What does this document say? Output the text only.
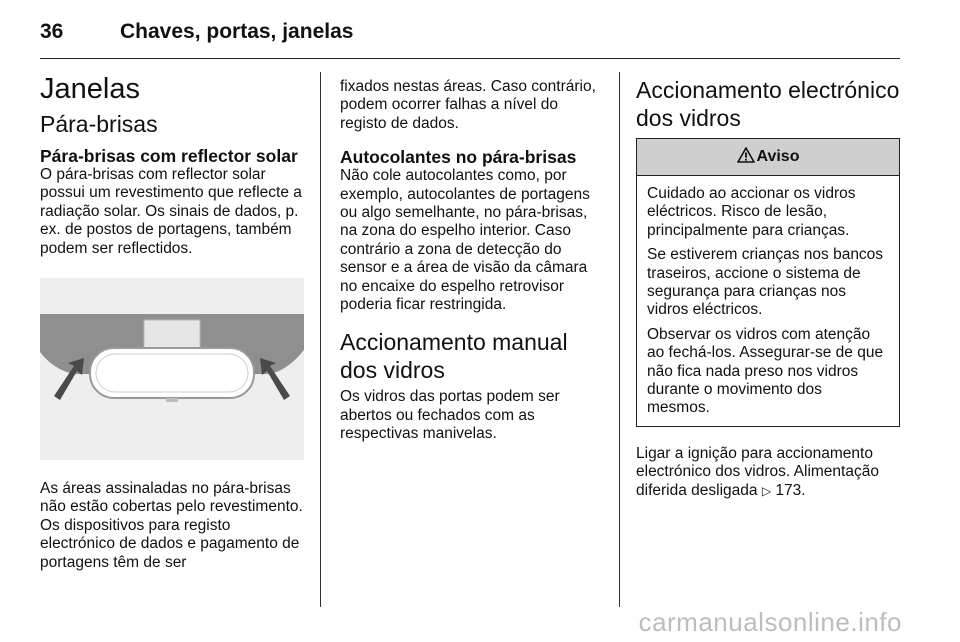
36	Chaves, portas, janelas
Janelas
Pára-brisas
Pára-brisas com reflector solar

O pára-brisas com reflector solar possui um revestimento que reflecte a radiação solar. Os sinais de dados, p. ex. de postos de portagens, também podem ser reflectidos.

As áreas assinaladas no pára-brisas não estão cobertas pelo revestimento. Os dispositivos para registo electrónico de dados e pagamento de portagens têm de ser

fixados nestas áreas. Caso contrário, podem ocorrer falhas a nível do registo de dados.

Autocolantes no pára-brisas

Não cole autocolantes como, por exemplo, autocolantes de portagens ou algo semelhante, no pára-brisas, na zona do espelho interior. Caso contrário a zona de detecção do sensor e a área de visão da câmara no encaixe do espelho retrovisor poderia ficar restringida.

Accionamento manual dos vidros

Os vidros das portas podem ser abertos ou fechados com as respectivas manivelas.

Accionamento electrónico dos vidros
Aviso

Cuidado ao accionar os vidros eléctricos. Risco de lesão, principalmente para crianças.

Se estiverem crianças nos bancos traseiros, accione o sistema de segurança para crianças nos vidros eléctricos.

Observar os vidros com atenção ao fechá-los. Assegurar-se de que não fica nada preso nos vidros durante o movimento dos mesmos.

Ligar a ignição para accionamento electrónico dos vidros. Alimentação diferida desligada ▷ 173.

carmanualsonline.info
